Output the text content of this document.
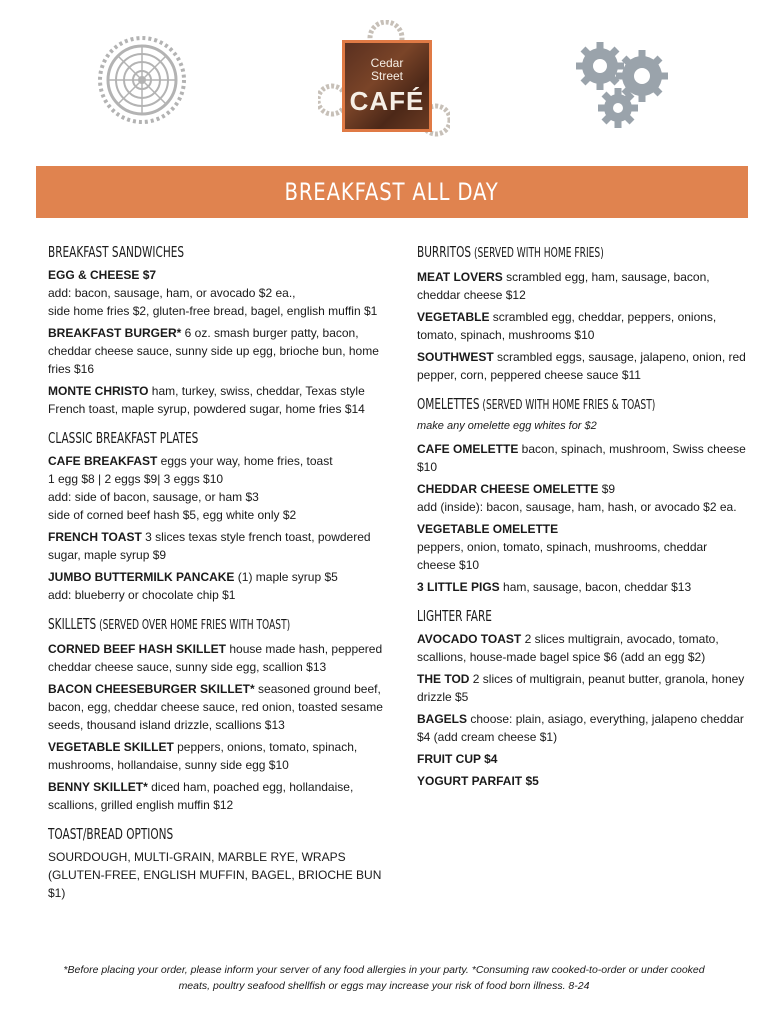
Cedar
Street
CAFÉ
BREAKFAST ALL DAY
BREAKFAST SANDWICHES
EGG & CHEESE $7
add: bacon, sausage, ham, or avocado $2 ea.,
side home fries $2, gluten-free bread, bagel, english muffin $1
BREAKFAST BURGER* 6 oz. smash burger patty, bacon, cheddar cheese sauce, sunny side up egg, brioche bun, home fries $16
MONTE CHRISTO ham, turkey, swiss, cheddar, Texas style French toast, maple syrup, powdered sugar, home fries $14
CLASSIC BREAKFAST PLATES
CAFE BREAKFAST eggs your way, home fries, toast
1 egg $8 | 2 eggs $9| 3 eggs $10
add: side of bacon, sausage, or ham $3
side of corned beef hash $5, egg white only $2
FRENCH TOAST 3 slices texas style french toast, powdered sugar, maple syrup $9
JUMBO BUTTERMILK PANCAKE (1) maple syrup $5
add: blueberry or chocolate chip $1
SKILLETS (SERVED OVER HOME FRIES WITH TOAST)
CORNED BEEF HASH SKILLET house made hash, peppered cheddar cheese sauce, sunny side egg, scallion $13
BACON CHEESEBURGER SKILLET* seasoned ground beef, bacon, egg, cheddar cheese sauce, red onion, toasted sesame seeds, thousand island drizzle, scallions $13
VEGETABLE SKILLET peppers, onions, tomato, spinach, mushrooms, hollandaise, sunny side egg $10
BENNY SKILLET* diced ham, poached egg, hollandaise, scallions, grilled english muffin $12
TOAST/BREAD OPTIONS
SOURDOUGH, MULTI-GRAIN, MARBLE RYE, WRAPS
(GLUTEN-FREE, ENGLISH MUFFIN, BAGEL, BRIOCHE BUN $1)
BURRITOS (SERVED WITH HOME FRIES)
MEAT LOVERS scrambled egg, ham, sausage, bacon, cheddar cheese $12
VEGETABLE scrambled egg, cheddar, peppers, onions, tomato, spinach, mushrooms $10
SOUTHWEST scrambled eggs, sausage, jalapeno, onion, red pepper, corn, peppered cheese sauce $11
OMELETTES (SERVED WITH HOME FRIES & TOAST)
make any omelette egg whites for $2
CAFE OMELETTE bacon, spinach, mushroom, Swiss cheese $10
CHEDDAR CHEESE OMELETTE $9
add (inside): bacon, sausage, ham, hash, or avocado $2 ea.
VEGETABLE OMELETTE
peppers, onion, tomato, spinach, mushrooms, cheddar cheese $10
3 LITTLE PIGS ham, sausage, bacon, cheddar $13
LIGHTER FARE
AVOCADO TOAST 2 slices multigrain, avocado, tomato, scallions, house-made bagel spice $6 (add an egg $2)
THE TOD 2 slices of multigrain, peanut butter, granola, honey drizzle $5
BAGELS choose: plain, asiago, everything, jalapeno cheddar $4 (add cream cheese $1)
FRUIT CUP $4
YOGURT PARFAIT $5
*Before placing your order, please inform your server of any food allergies in your party. *Consuming raw cooked-to-order or under cooked
meats, poultry seafood shellfish or eggs may increase your risk of food born illness. 8-24
